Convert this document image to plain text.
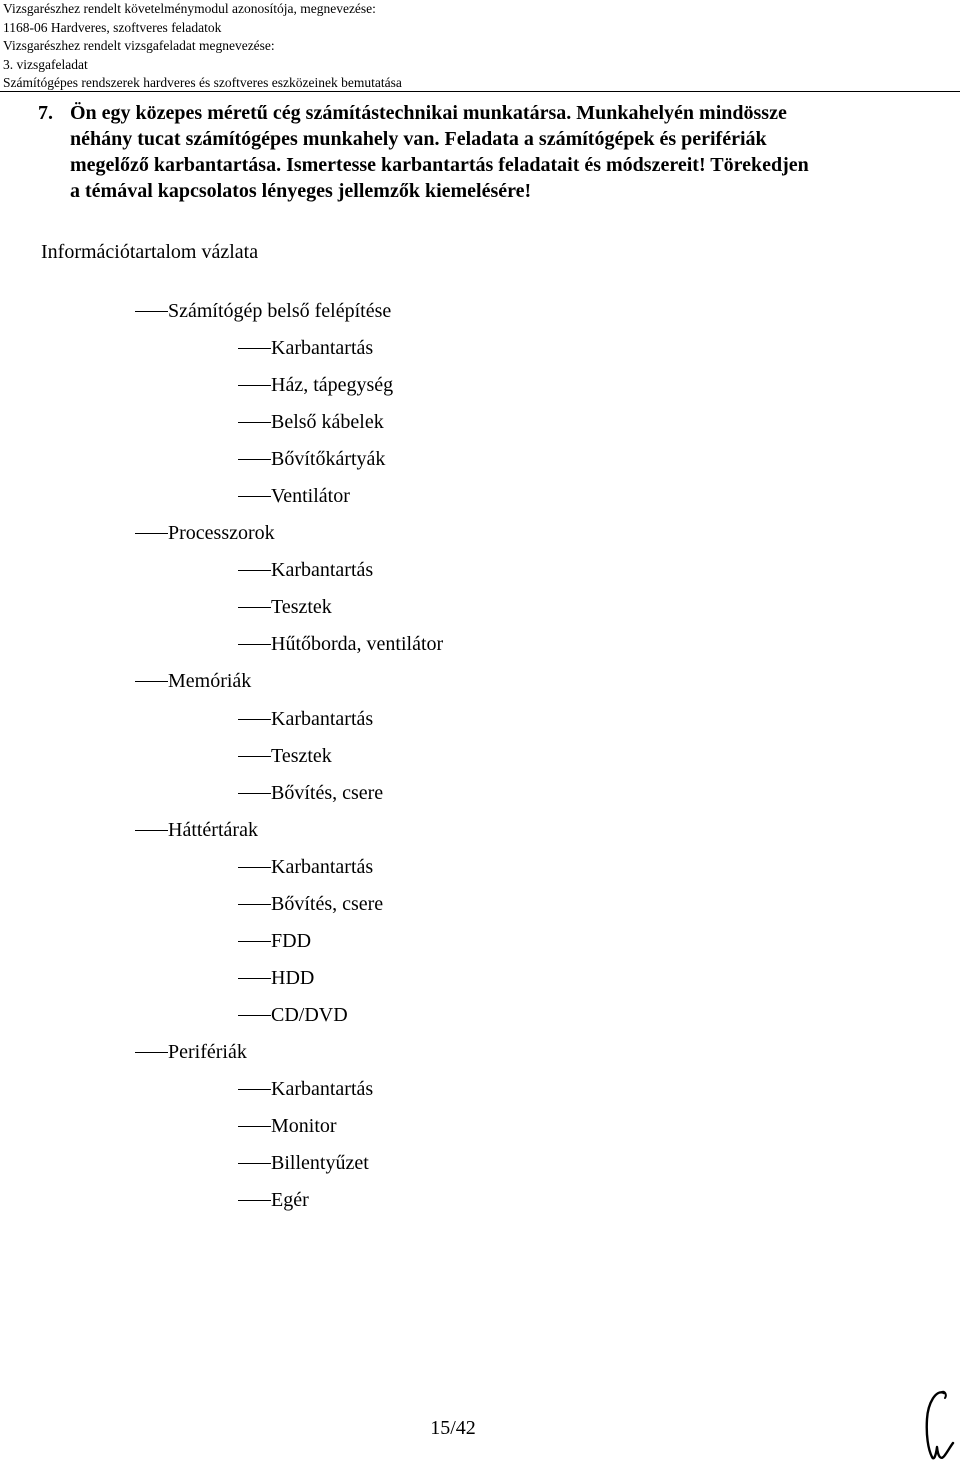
Vizsgarészhez rendelt követelménymodul azonosítója, megnevezése:
1168-06 Hardveres, szoftveres feladatok
Vizsgarészhez rendelt vizsgafeladat megnevezése:
3. vizsgafeladat
Számítógépes rendszerek hardveres és szoftveres eszközeinek bemutatása
7. Ön egy közepes méretű cég számítástechnikai munkatársa. Munkahelyén mindössze
néhány tucat számítógépes munkahely van. Feladata a számítógépek és perifériák
megelőző karbantartása. Ismertesse karbantartás feladatait és módszereit! Törekedjen
a témával kapcsolatos lényeges jellemzők kiemelésére!
Információtartalom vázlata
Számítógép belső felépítése
Karbantartás
Ház, tápegység
Belső kábelek
Bővítőkártyák
Ventilátor
Processzorok
Karbantartás
Tesztek
Hűtőborda, ventilátor
Memóriák
Karbantartás
Tesztek
Bővítés, csere
Háttértárak
Karbantartás
Bővítés, csere
FDD
HDD
CD/DVD
Perifériák
Karbantartás
Monitor
Billentyűzet
Egér
15/42
